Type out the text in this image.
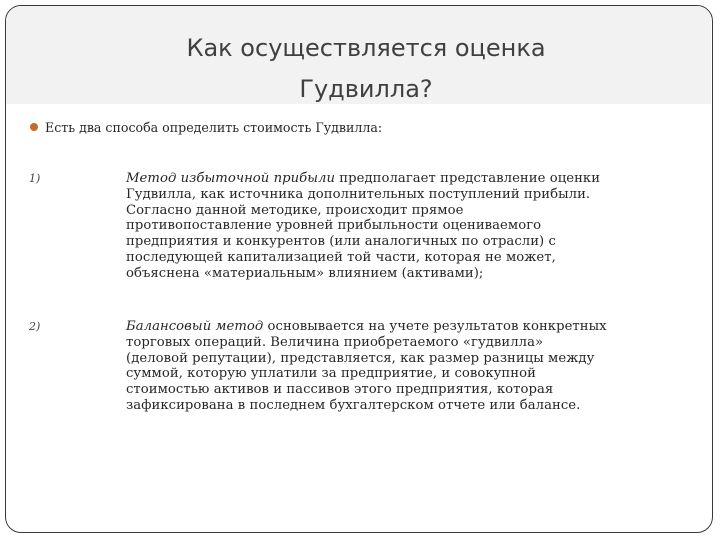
Как осуществляется оценка
Гудвилла?
Есть два способа определить стоимость Гудвилла:
1)	Метод избыточной прибыли предполагает представление оценки
Гудвилла, как источника дополнительных поступлений прибыли.
Согласно данной методике, происходит прямое
противопоставление уровней прибыльности оцениваемого
предприятия и конкурентов (или аналогичных по отрасли) с
последующей капитализацией той части, которая не может,
объяснена «материальным» влиянием (активами);
2)	Балансовый метод основывается на учете результатов конкретных
торговых операций. Величина приобретаемого «гудвилла»
(деловой репутации), представляется, как размер разницы между
суммой, которую уплатили за предприятие, и совокупной
стоимостью активов и пассивов этого предприятия, которая
зафиксирована в последнем бухгалтерском отчете или балансе.
